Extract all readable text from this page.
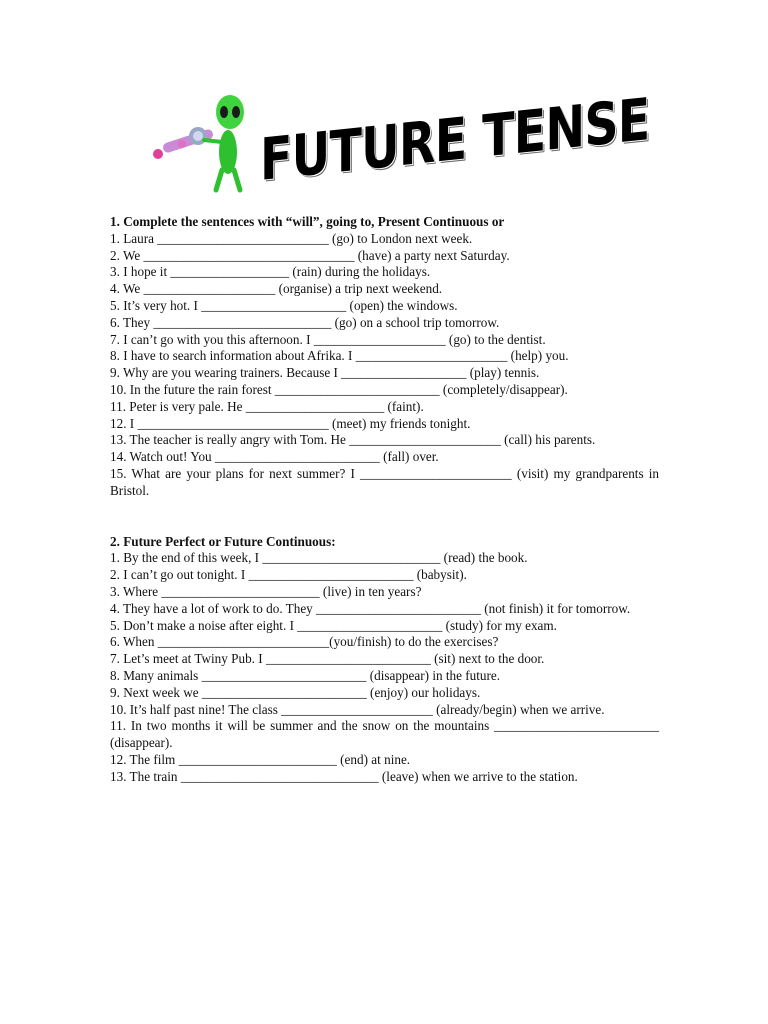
FUTURE TENSE

1. Complete the sentences with “will”, going to, Present Continuous or

1. Laura __________________________ (go) to London next week.

2. We ________________________________ (have) a party next Saturday.

3. I hope it __________________ (rain) during the holidays.

4. We ____________________ (organise) a trip next weekend.

5. It’s very hot. I ______________________ (open) the windows.

6. They ___________________________ (go) on a school trip tomorrow.

7. I can’t go with you this afternoon. I ____________________ (go) to the dentist.

8. I have to search information about Afrika. I _______________________ (help) you.

9. Why are you wearing trainers. Because I ___________________ (play) tennis.

10. In the future the rain forest _________________________ (completely/disappear).

11. Peter is very pale. He _____________________ (faint).

12. I _____________________________ (meet) my friends tonight.

13. The teacher is really angry with Tom. He _______________________ (call) his parents.

14. Watch out! You _________________________ (fall) over.

15. What are your plans for next summer? I _______________________ (visit) my grandparents in Bristol.

2. Future Perfect or Future Continuous:

1. By the end of this week, I ___________________________ (read) the book.

2. I can’t go out tonight. I _________________________ (babysit).

3. Where ________________________ (live) in ten years?

4. They have a lot of work to do. They _________________________ (not finish) it for tomorrow.

5. Don’t make a noise after eight. I ______________________ (study) for my exam.

6. When __________________________(you/finish) to do the exercises?

7. Let’s meet at Twiny Pub. I _________________________ (sit) next to the door.

8. Many animals _________________________ (disappear) in the future.

9. Next week we _________________________ (enjoy) our holidays.

10. It’s half past nine! The class _______________________ (already/begin) when we arrive.

11. In two months it will be summer and the snow on the mountains _________________________ (disappear).

12. The film ________________________ (end) at nine.

13. The train ______________________________ (leave) when we arrive to the station.
